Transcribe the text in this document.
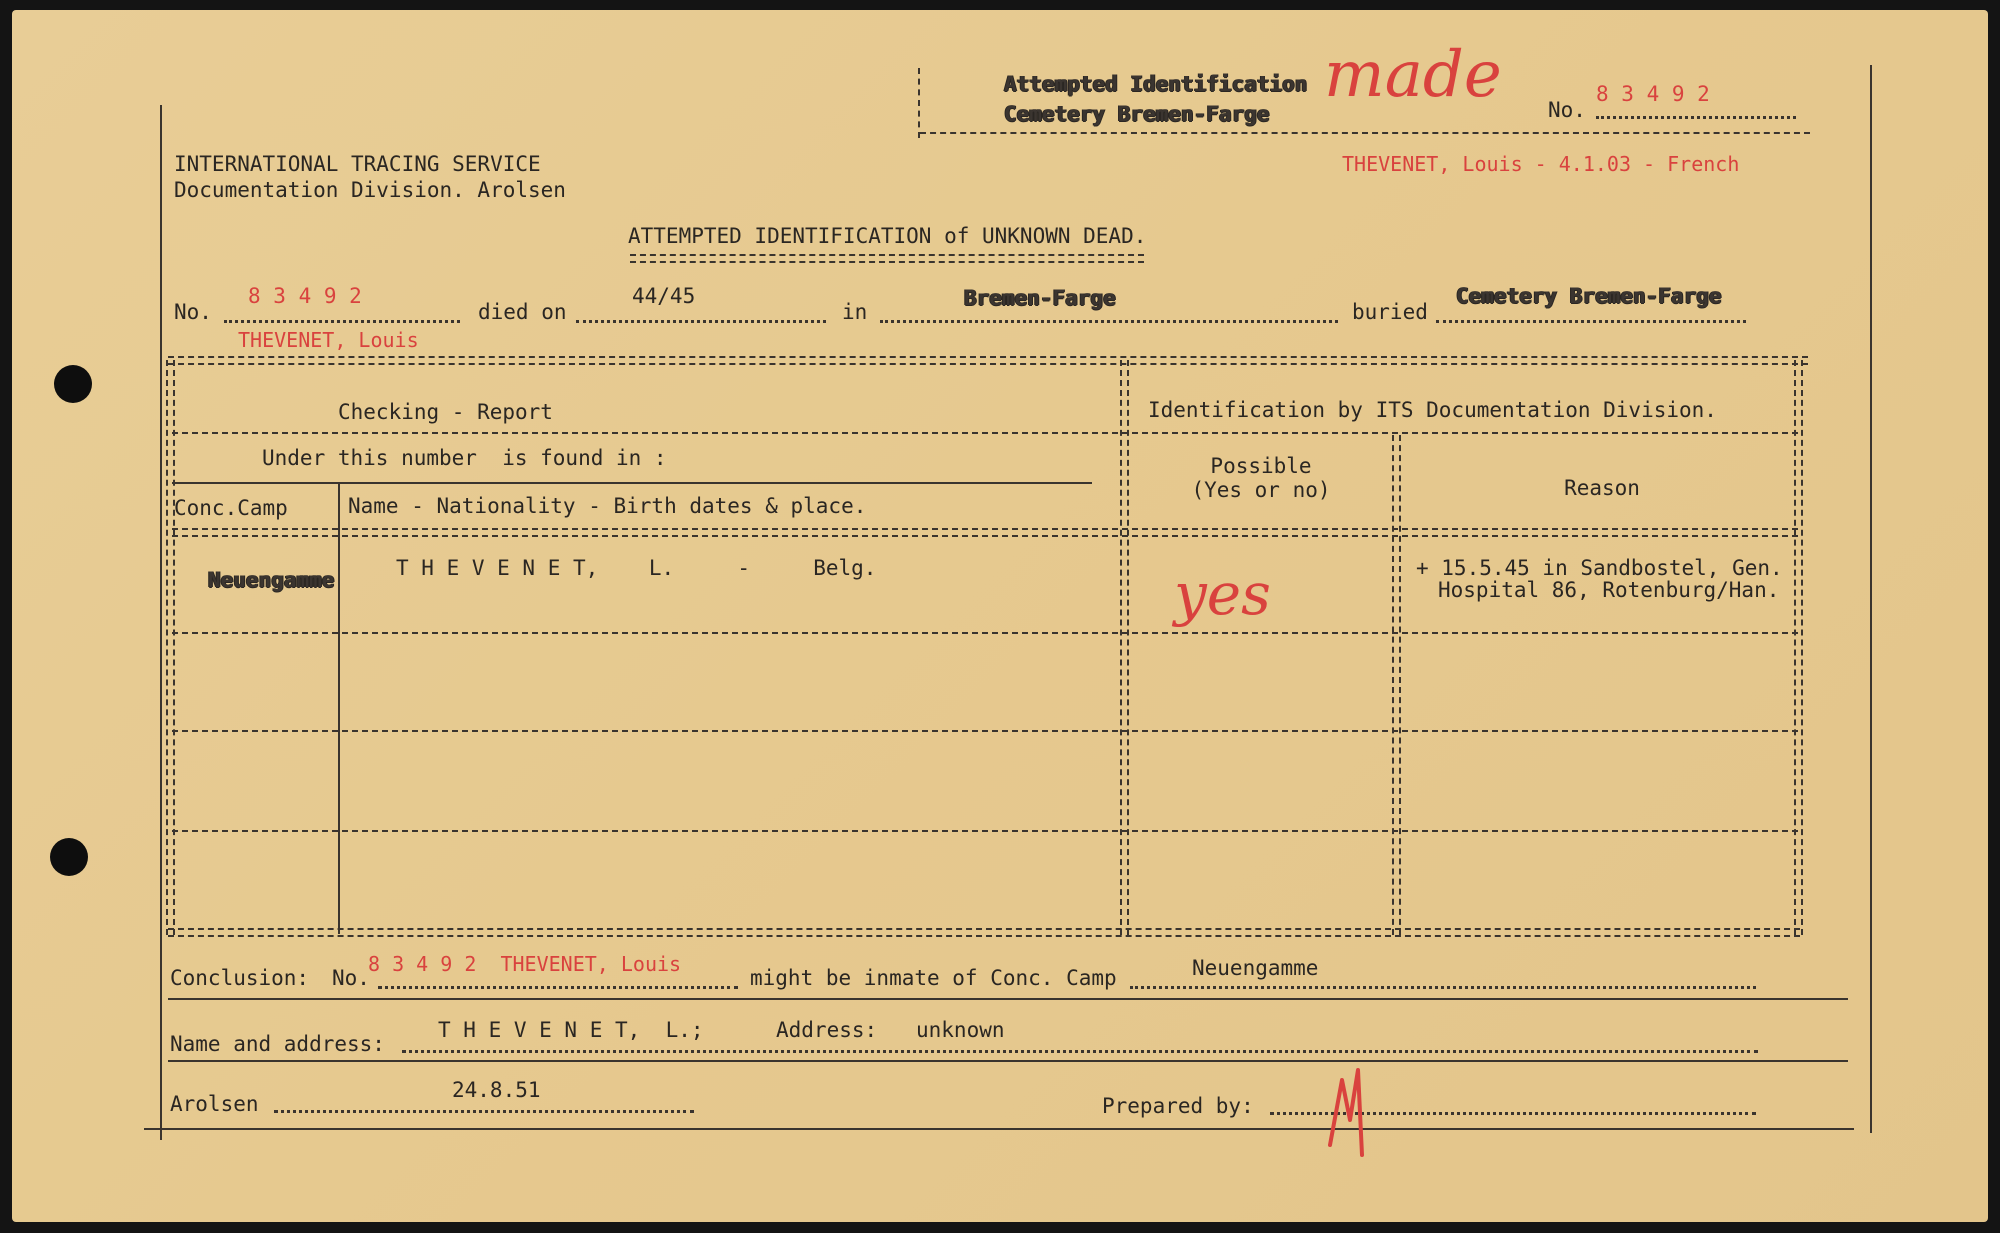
Attempted Identification
Cemetery Bremen-Farge
made No.
8 3 4 9 2
INTERNATIONAL TRACING SERVICE
Documentation Division. Arolsen
THEVENET, Louis - 4.1.03 - French
ATTEMPTED IDENTIFICATION of UNKNOWN DEAD.
No.
8 3 4 9 2
died on
44/45
in
Bremen-Farge
buried
Cemetery Bremen-Farge
THEVENET, Louis
Checking - Report	Identification by ITS Documentation Division.
Under this number  is found in :
Conc.Camp	Name - Nationality - Birth dates & place.
Possible
(Yes or no)	Reason
Neuengamme	T H E V E N E T,    L.     -     Belg.	yes	+ 15.5.45 in Sandbostel, Gen.
Hospital 86, Rotenburg/Han.
Conclusion: No.
8 3 4 9 2  THEVENET, Louis
might be inmate of Conc. Camp	Neuengamme
Name and address:
T H E V E N E T,  L.;	Address: unknown
Arolsen
24.8.51
Prepared by:
